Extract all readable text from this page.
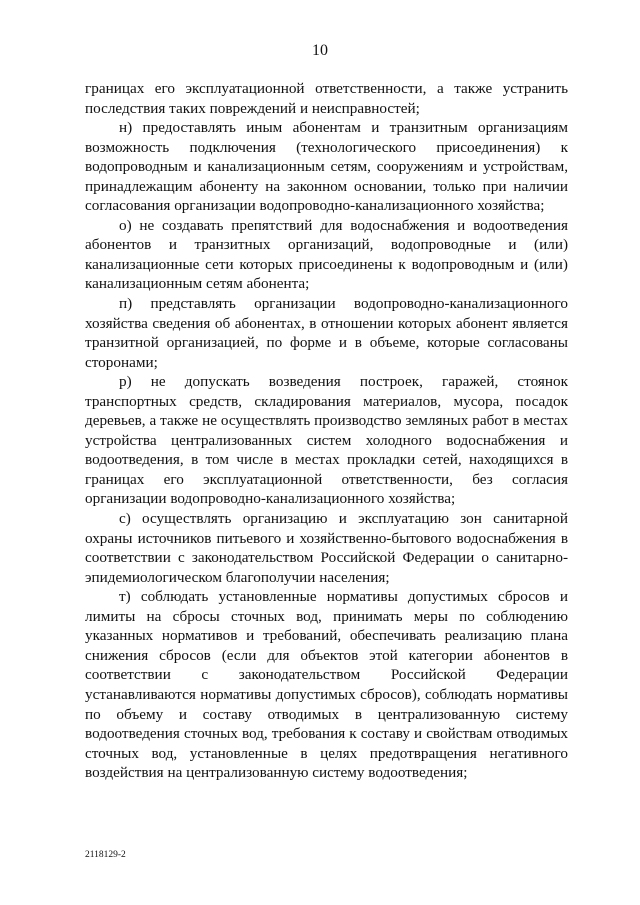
10

границах его эксплуатационной ответственности, а также устранить последствия таких повреждений и неисправностей;

н) предоставлять иным абонентам и транзитным организациям возможность подключения (технологического присоединения) к водопроводным и канализационным сетям, сооружениям и устройствам, принадлежащим абоненту на законном основании, только при наличии согласования организации водопроводно-канализационного хозяйства;

о) не создавать препятствий для водоснабжения и водоотведения абонентов и транзитных организаций, водопроводные и (или) канализационные сети которых присоединены к водопроводным и (или) канализационным сетям абонента;

п) представлять организации водопроводно-канализационного хозяйства сведения об абонентах, в отношении которых абонент является транзитной организацией, по форме и в объеме, которые согласованы сторонами;

р) не допускать возведения построек, гаражей, стоянок транспортных средств, складирования материалов, мусора, посадок деревьев, а также не осуществлять производство земляных работ в местах устройства централизованных систем холодного водоснабжения и водоотведения, в том числе в местах прокладки сетей, находящихся в границах его эксплуатационной ответственности, без согласия организации водопроводно-канализационного хозяйства;

с) осуществлять организацию и эксплуатацию зон санитарной охраны источников питьевого и хозяйственно-бытового водоснабжения в соответствии с законодательством Российской Федерации о санитарно-эпидемиологическом благополучии населения;

т) соблюдать установленные нормативы допустимых сбросов и лимиты на сбросы сточных вод, принимать меры по соблюдению указанных нормативов и требований, обеспечивать реализацию плана снижения сбросов (если для объектов этой категории абонентов в соответствии с законодательством Российской Федерации устанавливаются нормативы допустимых сбросов), соблюдать нормативы по объему и составу отводимых в централизованную систему водоотведения сточных вод, требования к составу и свойствам отводимых сточных вод, установленные в целях предотвращения негативного воздействия на централизованную систему водоотведения;

2118129-2
